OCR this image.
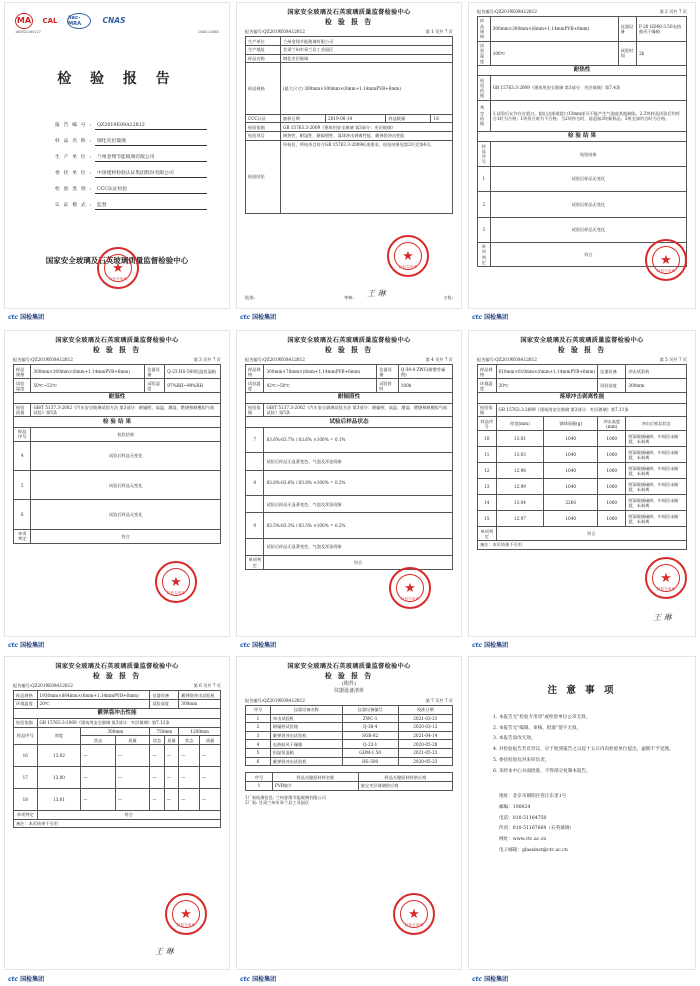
MA CAL ilac-MRA	CNAS
180002160127	CNAS L0660
检 验 报 告
报告编号:	QZ2019E09A12812
样品名称:	钢化夹层玻璃
生产单位:	兰州金翔节能玻璃有限公司
委托单位:	中国建材检验认证集团股份有限公司
检验类别:	CCC认证检验
认证模式:	监督
国家安全玻璃及石英玻璃质量监督检验中心
★
检验专用章
ctc 国检集团
国家安全玻璃及石英玻璃质量监督检验中心
检 验 报 告
报告编号:QZ2019E09A12812	第 1 页共 7 页
生产单位	兰州金翔节能玻璃有限公司			
生产地址	甘肃兰州市皋兰县工业园区			
样品名称	钢化夹层玻璃			
样品规格	(最大尺寸) 300mm×300mm×(6mm+1.14mmPVB+6mm)			
CCC认证	抽样日期	2019-08-14	样品数量	18
检验依据	GB 15763.3-2009《建筑用安全玻璃 第3部分：夹层玻璃》			
检验项目	耐热性、耐湿性、耐辐照性、落球冲击剥离性能、霰弹袋冲击性能			
检验结论	经检验，所检项目符合GB 15763.3-2009标准要求。检验结果见第2页至第4页。			
★
检验专用章
批准:	审核:	主检:
王 琳
ctc 国检集团
报告编号:QZ2019E09A12812	第 2 页共 7 页
样品规格	300mm×300mm×(6mm+1.14mmPVB+6mm)	仪器设备	F-20 GD60-3.5S电热鼓风干燥箱
试验温度	100℃	试验时间	2h
耐热性			
检验依据	GB 15763.3-2009《建筑用安全玻璃 第3部分：夹层玻璃》第7.4条		
判定依据	1.试验后允许存在裂口，超出边部或裂口13mm部分不能产生气泡或其他缺陷。2.3块样品试验后均符合1时为合格；1块符合时为不合格；当2块符合时，再追加3块新样品，3块全部符合时为合格。		
检 验 结 果			
样品序号	检验结果		
1	试验后样品无变化		
2	试验后样品无变化		
3	试验后样品无变化		
单项判定	符合			★
检验专用章
ctc 国检集团
国家安全玻璃及石英玻璃质量监督检验中心
检 验 报 告
报告编号:QZ2019E09A12812	第 3 页共 7 页
样品规格	300mm×300mm×(6mm+1.14mmPVB+6mm)	仪器设备	Q-23 HS-500恒温恒湿箱
试验温度	50℃~52℃	试验湿度	97%RH~99%RH
耐湿性			
检验依据	GB/T 5137.3-2002《汽车安全玻璃试验方法 第3部分：耐辐照、高温、潮湿、燃烧和耐模拟气候试验》第5条		
检 验 结 果			
样品序号	检验结果		
4	试验后样品无变化		
5	试验后样品无变化		
6	试验后样品无变化		
单项判定	符合		
★
检验专用章
ctc 国检集团
国家安全玻璃及石英玻璃质量监督检验中心
检 验 报 告
报告编号:QZ2019E09A12812	第 4 页共 7 页
样品规格	300mm×76mm×(6mm+1.14mmPVB+6mm)	仪器设备	Q-38-4 ZWC(耐紫外辐照)
试验温度	42℃~50℃	试验时间	100h
耐辐照性			
检验依据	GB/T 5137.3-2002《汽车安全玻璃试验方法 第3部分：耐辐照、高温、潮湿、燃烧和耐模拟气候试验》第5条		
试验后样品状态			
7	83.6%-83.7% / 83.6% ×100% = 0.1%		
	试验后样品无显著变色、气泡及浑浊现象		
8	83.8%-83.6% / 83.8% ×100% = 0.2%		
	试验后样品无显著变色、气泡及浑浊现象		
9	83.5%-83.3% / 83.5% ×100% = 0.2%		
	试验后样品无显著变色、气泡及浑浊现象		
单项判定	符合		
★
检验专用章
ctc 国检集团
国家安全玻璃及石英玻璃质量监督检验中心
检 验 报 告
报告编号:QZ2019E09A12812	第 5 页共 7 页
样品规格	610mm×610mm×(6mm+1.14mmPVB+6mm)		仪器设备	冲击试验机
环境温度	20℃		试验高度	300mm
落球冲击剥离性能				
检验依据	GB 15763.3-2009《建筑用安全玻璃 第3部分：夹层玻璃》第7.11条			
样品序号	厚度(mm)	钢球质量(g)	冲击高度(mm)	冲击后样品状态
10	13.01	1040	1000	两面玻璃破碎，中间层未断裂，未剥离
11	13.03	1040	1000	两面玻璃破碎，中间层未断裂，未剥离
12	12.98	1040	1000	两面玻璃破碎，中间层未断裂，未剥离
13	12.99	1040	1000	两面玻璃破碎，中间层未断裂，未剥离
14	13.04	2260	1000	两面玻璃破碎，中间层未断裂，未剥离
15	12.97	1040	1000	两面玻璃破碎，中间层未断裂，未剥离
单项判定	符合			
备注：本页结果不引用				
★
检验专用章
王 琳
ctc 国检集团
国家安全玻璃及石英玻璃质量监督检验中心
检 验 报 告
报告编号:QZ2019E09A12812	第 6 页共 7 页
样品规格	1930mm×864mm×(6mm+1.14mmPVB+6mm)			仪器设备		霰弹袋冲击试验机	
环境温度	20℃			试验高度		300mm	
霰弹袋冲击性能							
检验依据	GB 15763.3-2009《建筑用安全玻璃 第3部分：夹层玻璃》第7.12条						
样品序号	厚度	300mm		750mm		1200mm	
		状态	质量	状态	质量	状态	质量
16	13.02	—	—	—	—	—	—
17	13.00	—	—	—	—	—	—
18	13.01	—	—	—	—	—	—
单项判定	符合						
备注：本页结果不引用							
★
检验专用章
王 琳
ctc 国检集团
国家安全玻璃及石英玻璃质量监督检验中心
检 验 报 告
(附件)
仪器设备清单
报告编号:QZ2019E09A12812	第 7 页共 7 页
序号	仪器设备名称	仪器设备编号	校准日期
1	冲击试验机	ZWC-1	2021-03-21
2	耐辐照试验箱	Q-38-4	2020-03-12
3	霰弹袋冲击试验机	SGB-02	2021-04-14
4	电热鼓风干燥箱	Q-22-1	2020-05-28
5	恒温恒湿箱	GDM-1.50	2021-05-23
6	霰弹袋冲击试验机	HS-500	2020-05-23
序号	样品关键原材料名称	样品关键原材料供应商
1	PVB胶片	胶宝夹层玻璃供应商
1厂家检测信息: 兰州金翔节能玻璃有限公司
2厂家: 甘肃兰州市皋兰县工业园区
★
检验专用章
ctc 国检集团
注 意 事 项
1. 本报告无"检验专用章"或检验单位公章无效。
2. 本报告无"编制、审核、批准"签字无效。
3. 本报告涂改无效。
4. 对检验报告若有异议，应于收到报告之日起十五日内向检验单位提出，逾期不予受理。
5. 委托检验仅对来样负责。
6. 未经本中心书面批准，不得部分复制本报告。
地址：北京市朝阳区管庄东里1号
邮编：100024
电话：010-51164750
传真：010-51167669（石英玻璃）
网址：www.ctc.ac.cn
电子邮箱：glassinst@ctc.ac.cn
ctc 国检集团
